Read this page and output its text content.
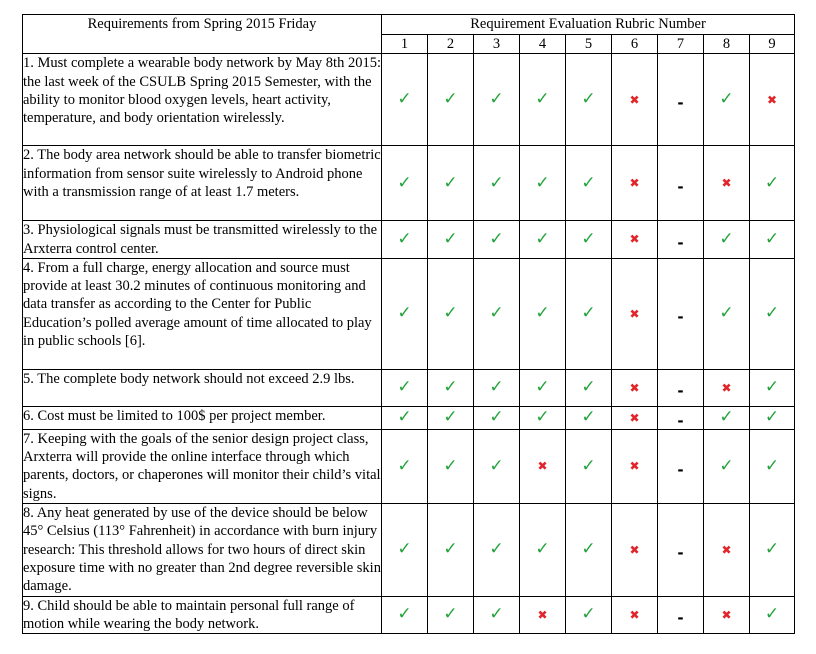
Requirements from Spring 2015 Friday	Requirement Evaluation Rubric Number								
	1	2	3	4	5	6	7	8	9
1. Must complete a wearable body network by May 8th 2015: the last week of the CSULB Spring 2015 Semester, with the ability to monitor blood oxygen levels, heart activity, temperature, and body orientation wirelessly.	✓	✓	✓	✓	✓	✖	-	✓	✖
2. The body area network should be able to transfer biometric information from sensor suite wirelessly to Android phone with a transmission range of at least 1.7 meters.	✓	✓	✓	✓	✓	✖	-	✖	✓
3. Physiological signals must be transmitted wirelessly to the Arxterra control center.	✓	✓	✓	✓	✓	✖	-	✓	✓
4. From a full charge, energy allocation and source must provide at least 30.2 minutes of continuous monitoring and data transfer as according to the Center for Public Education’s polled average amount of time allocated to play in public schools [6].	✓	✓	✓	✓	✓	✖	-	✓	✓
5. The complete body network should not exceed 2.9 lbs.	✓	✓	✓	✓	✓	✖	-	✖	✓
6. Cost must be limited to 100$ per project member.	✓	✓	✓	✓	✓	✖	-	✓	✓
7. Keeping with the goals of the senior design project class, Arxterra will provide the online interface through which parents, doctors, or chaperones will monitor their child’s vital signs.	✓	✓	✓	✖	✓	✖	-	✓	✓
8. Any heat generated by use of the device should be below 45° Celsius (113° Fahrenheit) in accordance with burn injury research: This threshold allows for two hours of direct skin exposure time with no greater than 2nd degree reversible skin damage.	✓	✓	✓	✓	✓	✖	-	✖	✓
9. Child should be able to maintain personal full range of motion while wearing the body network.	✓	✓	✓	✖	✓	✖	-	✖	✓
